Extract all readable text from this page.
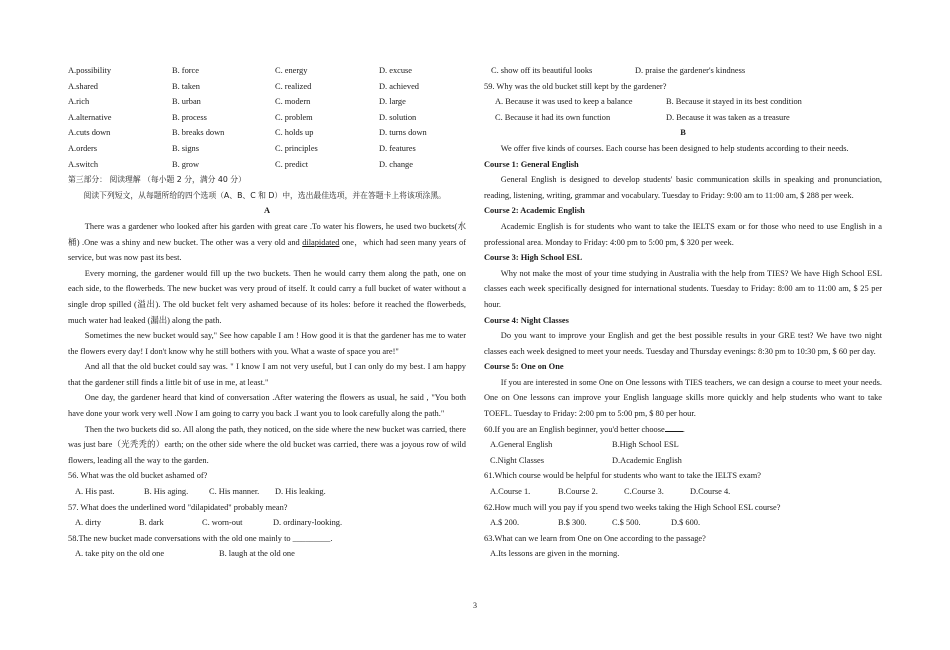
A.possibility	B. force	C. energy	D. excuse
A.shared	B. taken	C. realized	D. achieved
A.rich	B. urban	C. modern	D. large
A.alternative	B. process	C. problem	D. solution
A.cuts down	B. breaks down	C. holds up	D. turns down
A.orders	B. signs	C. principles	D. features
A.switch	B. grow	C. predict	D. change
第三部分： 阅读理解 （每小题 2 分，满分 40 分）

阅读下列短文，从每题所给的四个选项（A、B、C 和 D）中，选出最佳选项，并在答题卡上将该项涂黑。

A

There was a gardener who looked after his garden with great care .To water his flowers, he used two buckets(水桶) .One was a shiny and new bucket. The other was a very old and dilapidated one，which had seen many years of service, but was now past its best.

Every morning, the gardener would fill up the two buckets. Then he would carry them along the path, one on each side, to the flowerbeds. The new bucket was very proud of itself. It could carry a full bucket of water without a single drop spilled (溢出). The old bucket felt very ashamed because of its holes: before it reached the flowerbeds, much water had leaked (漏出) along the path.

Sometimes the new bucket would say," See how capable I am ! How good it is that the gardener has me to water the flowers every day! I don't know why he still bothers with you. What a waste of space you are!"

And all that the old bucket could say was. " I know I am not very useful, but I can only do my best. I am happy that the gardener still finds a little bit of use in me, at least."

One day, the gardener heard that kind of conversation .After watering the flowers as usual, he said , "You both have done your work very well .Now I am going to carry you back .I want you to look carefully along the path."

Then the two buckets did so. All along the path, they noticed, on the side where the new bucket was carried, there was just bare（光秃秃的）earth; on the other side where the old bucket was carried, there was a joyous row of wild flowers, leading all the way to the garden.

56. What was the old bucket ashamed of?
A. His past.	B. His aging. C. His manner. D. His leaking.
57. What does the underlined word "dilapidated" probably mean?
A. dirty	B. dark	C. worn-out	D. ordinary-looking.
58.The new bucket made conversations with the old one mainly to _________.
A. take pity on the old one	B. laugh at the old one
C. show off its beautiful looks	D. praise the gardener's kindness
59. Why was the old bucket still kept by the gardener?
A. Because it was used to keep a balance	B. Because it stayed in its best condition
C. Because it had its own function	D. Because it was taken as a treasure
B

We offer five kinds of courses. Each course has been designed to help students according to their needs.

Course 1: General English

General English is designed to develop students' basic communication skills in speaking and pronunciation, reading, listening, writing, grammar and vocabulary. Tuesday to Friday: 9:00 am to 11:00 am, $ 288 per week.

Course 2: Academic English

Academic English is for students who want to take the IELTS exam or for those who need to use English in a professional area. Monday to Friday: 4:00 pm to 5:00 pm, $ 320 per week.

Course 3: High School ESL

Why not make the most of your time studying in Australia with the help from TIES? We have High School ESL classes each week specifically designed for international students. Tuesday to Friday: 8:00 am to 11:00 am, $ 25 per hour.

Course 4: Night Classes

Do you want to improve your English and get the best possible results in your GRE test? We have two night classes each week designed to meet your needs. Tuesday and Thursday evenings: 8:30 pm to 10:30 pm, $ 60 per day.

Course 5: One on One

If you are interested in some One on One lessons with TIES teachers, we can design a course to meet your needs. One on One lessons can improve your English language skills more quickly and help students who want to take TOEFL. Tuesday to Friday: 2:00 pm to 5:00 pm, $ 80 per hour.

60.If you are an English beginner, you'd better choose .
A.General English	B.High School ESL
C.Night Classes	D.Academic English
61.Which course would be helpful for students who want to take the IELTS exam?
A.Course 1.	B.Course 2.	C.Course 3.	D.Course 4.
62.How much will you pay if you spend two weeks taking the High School ESL course?
A.$ 200.	B.$ 300.	C.$ 500.	D.$ 600.
63.What can we learn from One on One according to the passage?
A.Its lessons are given in the morning.
3
